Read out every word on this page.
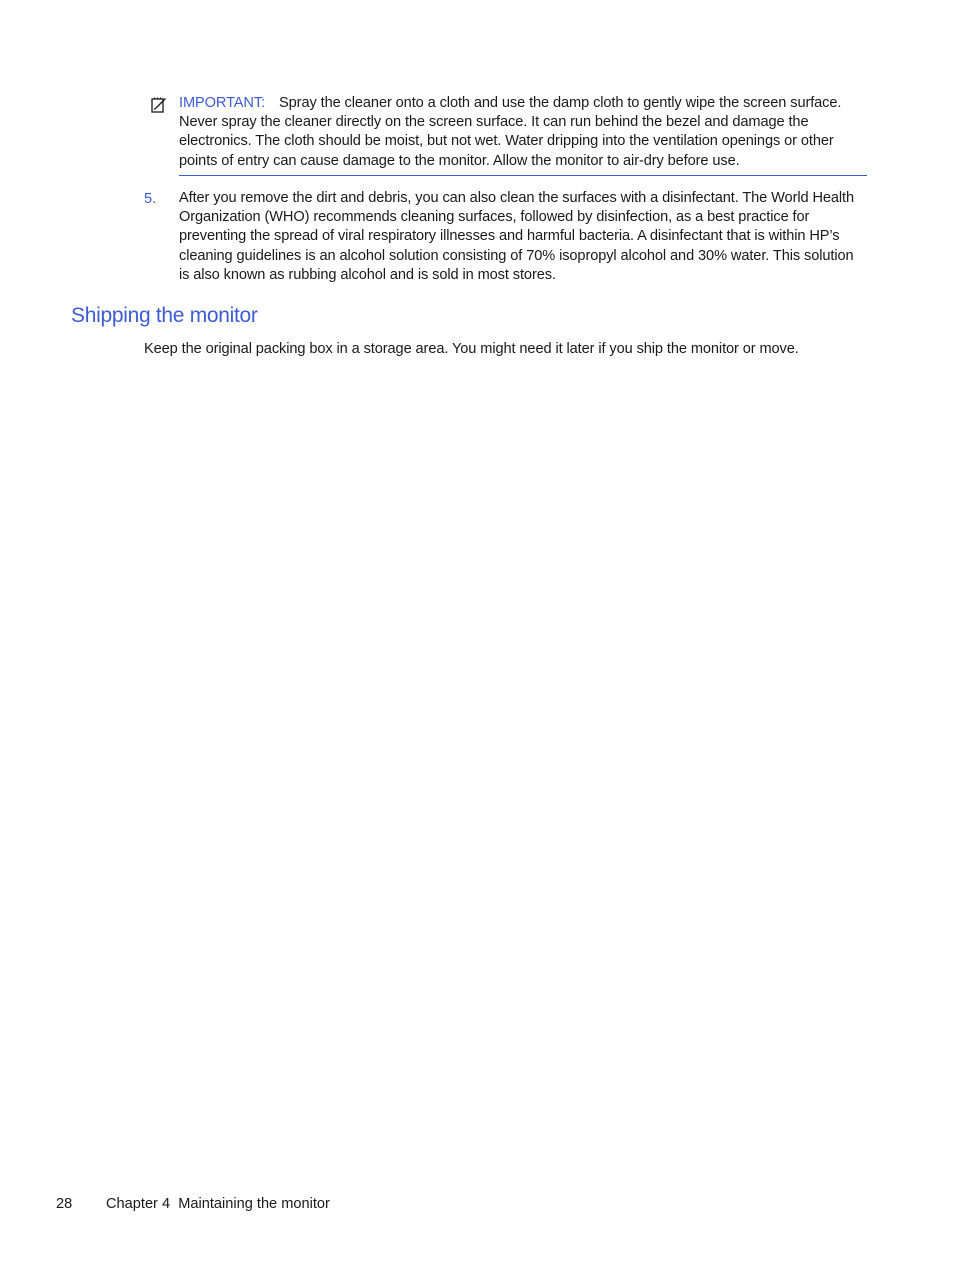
IMPORTANT: Spray the cleaner onto a cloth and use the damp cloth to gently wipe the screen surface. Never spray the cleaner directly on the screen surface. It can run behind the bezel and damage the electronics. The cloth should be moist, but not wet. Water dripping into the ventilation openings or other points of entry can cause damage to the monitor. Allow the monitor to air-dry before use.
5. After you remove the dirt and debris, you can also clean the surfaces with a disinfectant. The World Health Organization (WHO) recommends cleaning surfaces, followed by disinfection, as a best practice for preventing the spread of viral respiratory illnesses and harmful bacteria. A disinfectant that is within HP’s cleaning guidelines is an alcohol solution consisting of 70% isopropyl alcohol and 30% water. This solution is also known as rubbing alcohol and is sold in most stores.
Shipping the monitor

Keep the original packing box in a storage area. You might need it later if you ship the monitor or move.

28 Chapter 4  Maintaining the monitor
